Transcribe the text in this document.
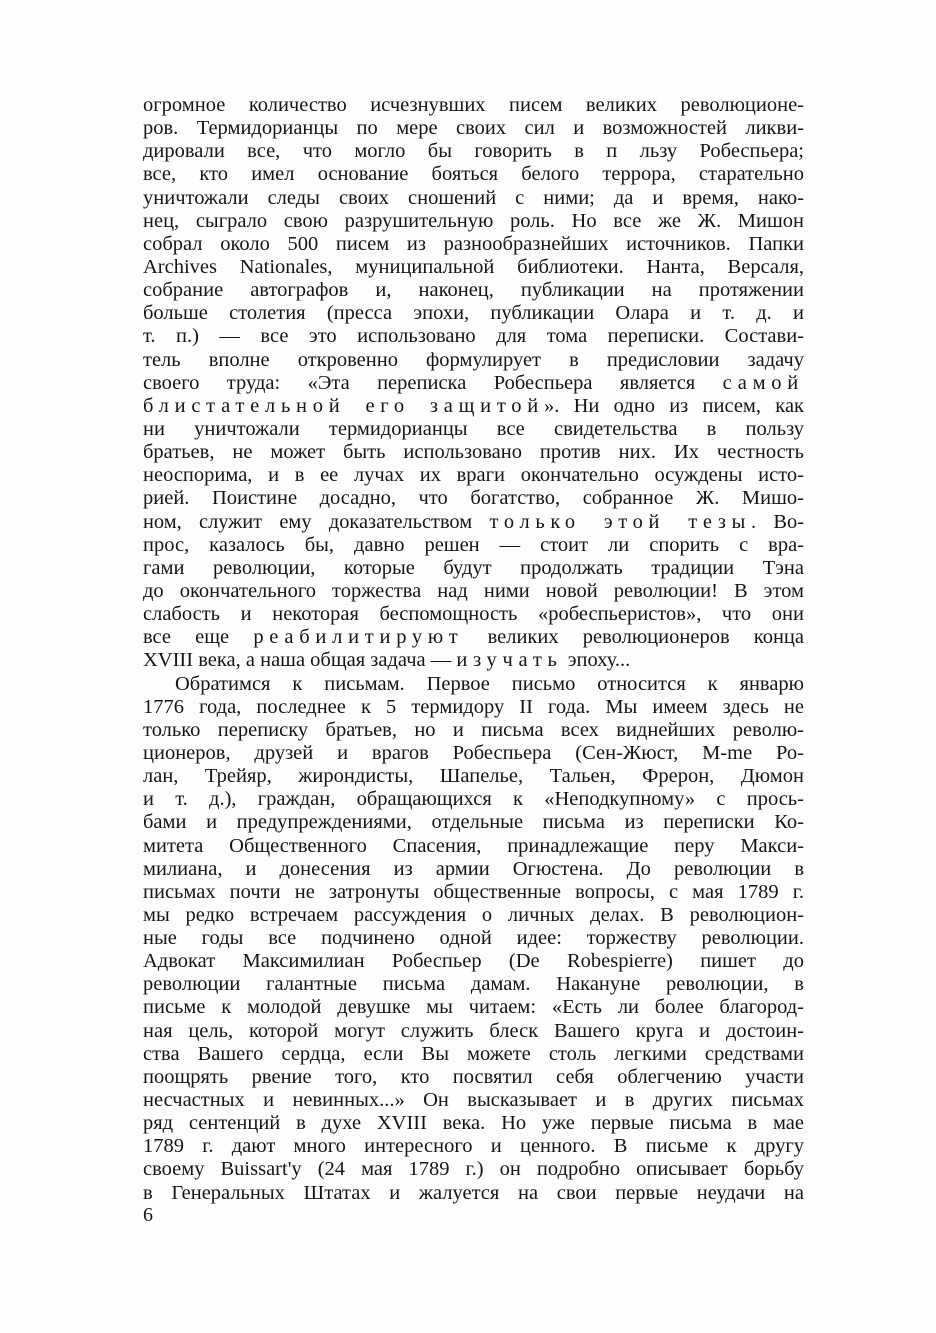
огромное количество исчезнувших писем великих революционе-
ров. Термидорианцы по мере своих сил и возможностей ликви-
дировали все, что могло бы говорить в п льзу Робеспьера;
все, кто имел основание бояться белого террора, старательно
уничтожали следы своих сношений с ними; да и время, нако-
нец, сыграло свою разрушительную роль. Но все же Ж. Мишон
собрал около 500 писем из разнообразнейших источников. Папки
Archives Nationales, муниципальной библиотеки. Нанта, Версаля,
собрание автографов и, наконец, публикации на протяжении
больше столетия (пресса эпохи, публикации Олара и т. д. и
т. п.) — все это использовано для тома переписки. Состави-
тель вполне откровенно формулирует в предисловии задачу
своего труда: «Эта переписка Робеспьера является самой
блистательной его защитой». Ни одно из писем, как
ни уничтожали термидорианцы все свидетельства в пользу
братьев, не может быть использовано против них. Их честность
неоспорима, и в ее лучах их враги окончательно осуждены исто-
рией. Поистине досадно, что богатство, собранное Ж. Мишо-
ном, служит ему доказательством только этой тезы. Во-
прос, казалось бы, давно решен — стоит ли спорить с вра-
гами революции, которые будут продолжать традиции Тэна
до окончательного торжества над ними новой революции! В этом
слабость и некоторая беспомощность «робеспьеристов», что они
все еще реабилитируют великих революционеров конца
XVIII века, а наша общая задача — изучать эпоху...
Обратимся к письмам. Первое письмо относится к январю
1776 года, последнее к 5 термидору II года. Мы имеем здесь не
только переписку братьев, но и письма всех виднейших револю-
ционеров, друзей и врагов Робеспьера (Сен-Жюст, М-me Ро-
лан, Трейяр, жирондисты, Шапелье, Тальен, Фрерон, Дюмон
и т. д.), граждан, обращающихся к «Неподкупному» с прось-
бами и предупреждениями, отдельные письма из переписки Ко-
митета Общественного Спасения, принадлежащие перу Макси-
милиана, и донесения из армии Огюстена. До революции в
письмах почти не затронуты общественные вопросы, с мая 1789 г.
мы редко встречаем рассуждения о личных делах. В революцион-
ные годы все подчинено одной идее: торжеству революции.
Адвокат Максимилиан Робеспьер (De Robespierre) пишет до
революции галантные письма дамам. Накануне революции, в
письме к молодой девушке мы читаем: «Есть ли более благород-
ная цель, которой могут служить блеск Вашего круга и достоин-
ства Вашего сердца, если Вы можете столь легкими средствами
поощрять рвение того, кто посвятил себя облегчению участи
несчастных и невинных...» Он высказывает и в других письмах
ряд сентенций в духе XVIII века. Но уже первые письма в мае
1789 г. дают много интересного и ценного. В письме к другу
своему Buissart'у (24 мая 1789 г.) он подробно описывает борьбу
в Генеральных Штатах и жалуется на свои первые неудачи на
6
